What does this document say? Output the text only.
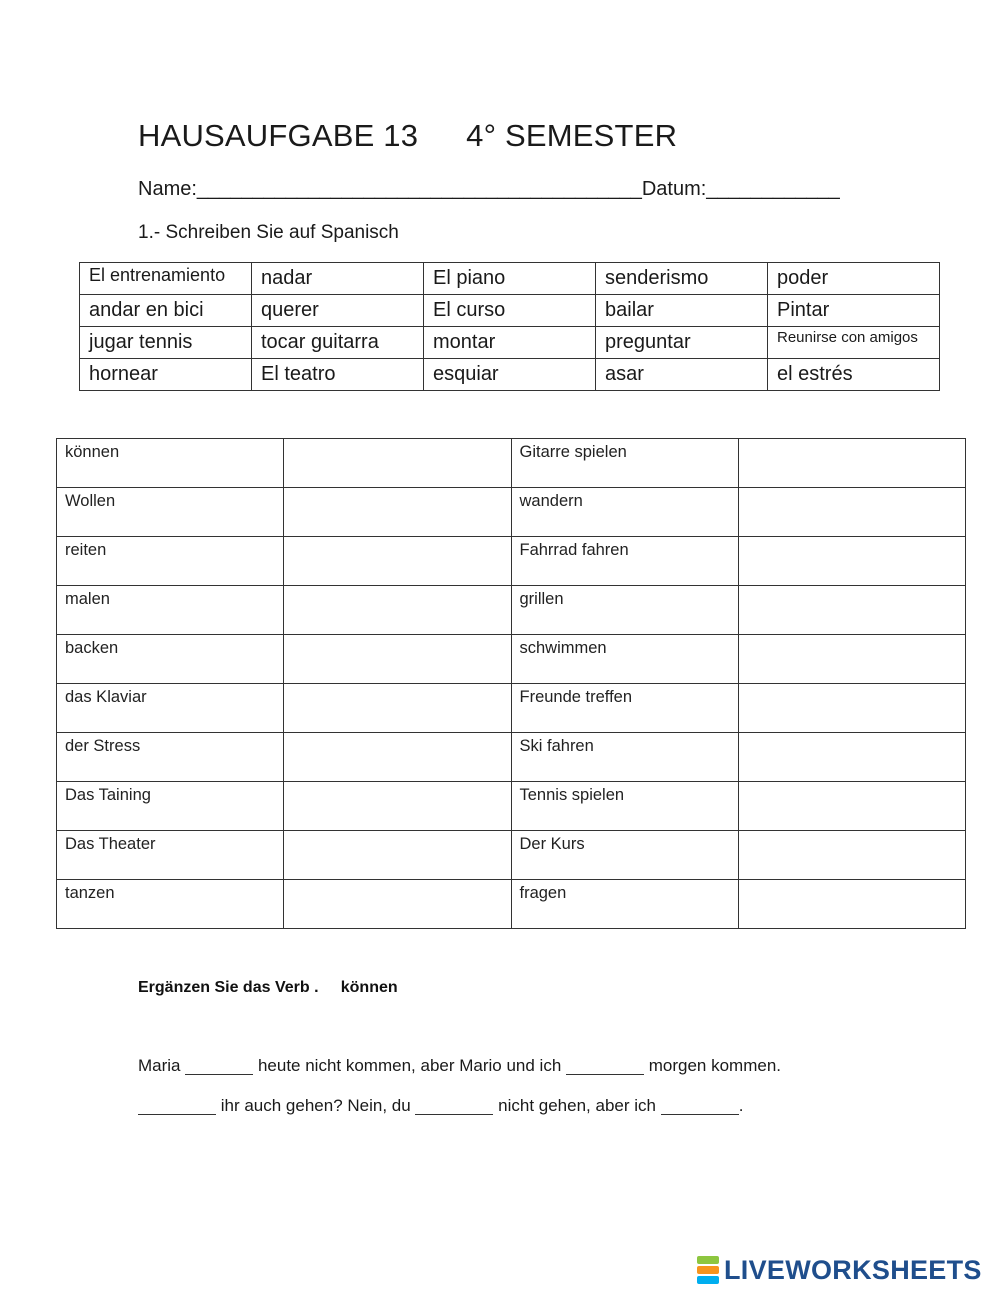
HAUSAUFGABE 13 4° SEMESTER
Name:________________________________________Datum:____________
1.- Schreiben Sie auf Spanisch
El entrenamiento	nadar	El piano	senderismo	poder
andar en bici	querer	El curso	bailar	Pintar
jugar tennis	tocar guitarra	montar	preguntar	Reunirse con amigos
hornear	El teatro	esquiar	asar	el estrés
können		Gitarre spielen	
Wollen		wandern	
reiten		Fahrrad fahren	
malen		grillen	
backen		schwimmen	
das Klaviar		Freunde treffen	
der Stress		Ski fahren	
Das Taining		Tennis spielen	
Das Theater		Der Kurs	
tanzen		fragen	
Ergänzen Sie das Verb . können
Maria	heute nicht kommen, aber Mario und ich	morgen kommen.
ihr auch gehen? Nein, du	nicht gehen, aber ich	.
LIVEWORKSHEETS
